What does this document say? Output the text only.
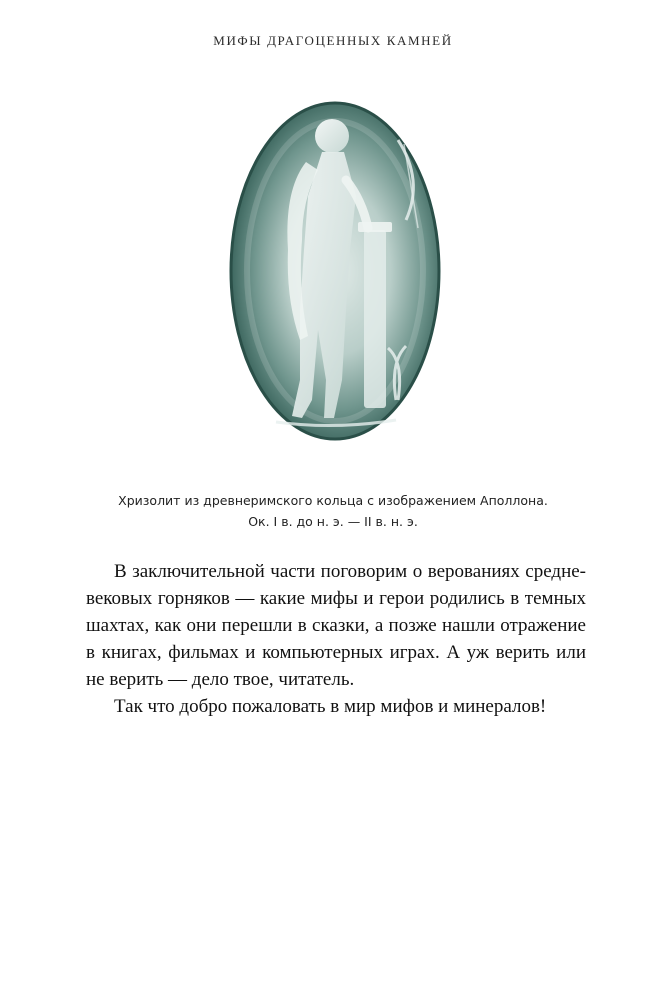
МИФЫ ДРАГОЦЕННЫХ КАМНЕЙ
Хризолит из древнеримского кольца с изображением Аполлона.
Ок. I в. до н. э. — II в. н. э.
В заключительной части поговорим о верованиях средне-
вековых горняков — какие мифы и герои родились в темных
шахтах, как они перешли в сказки, а позже нашли отражение
в книгах, фильмах и компьютерных играх. А уж верить или
не верить — дело твое, читатель.
Так что добро пожаловать в мир мифов и минералов!
